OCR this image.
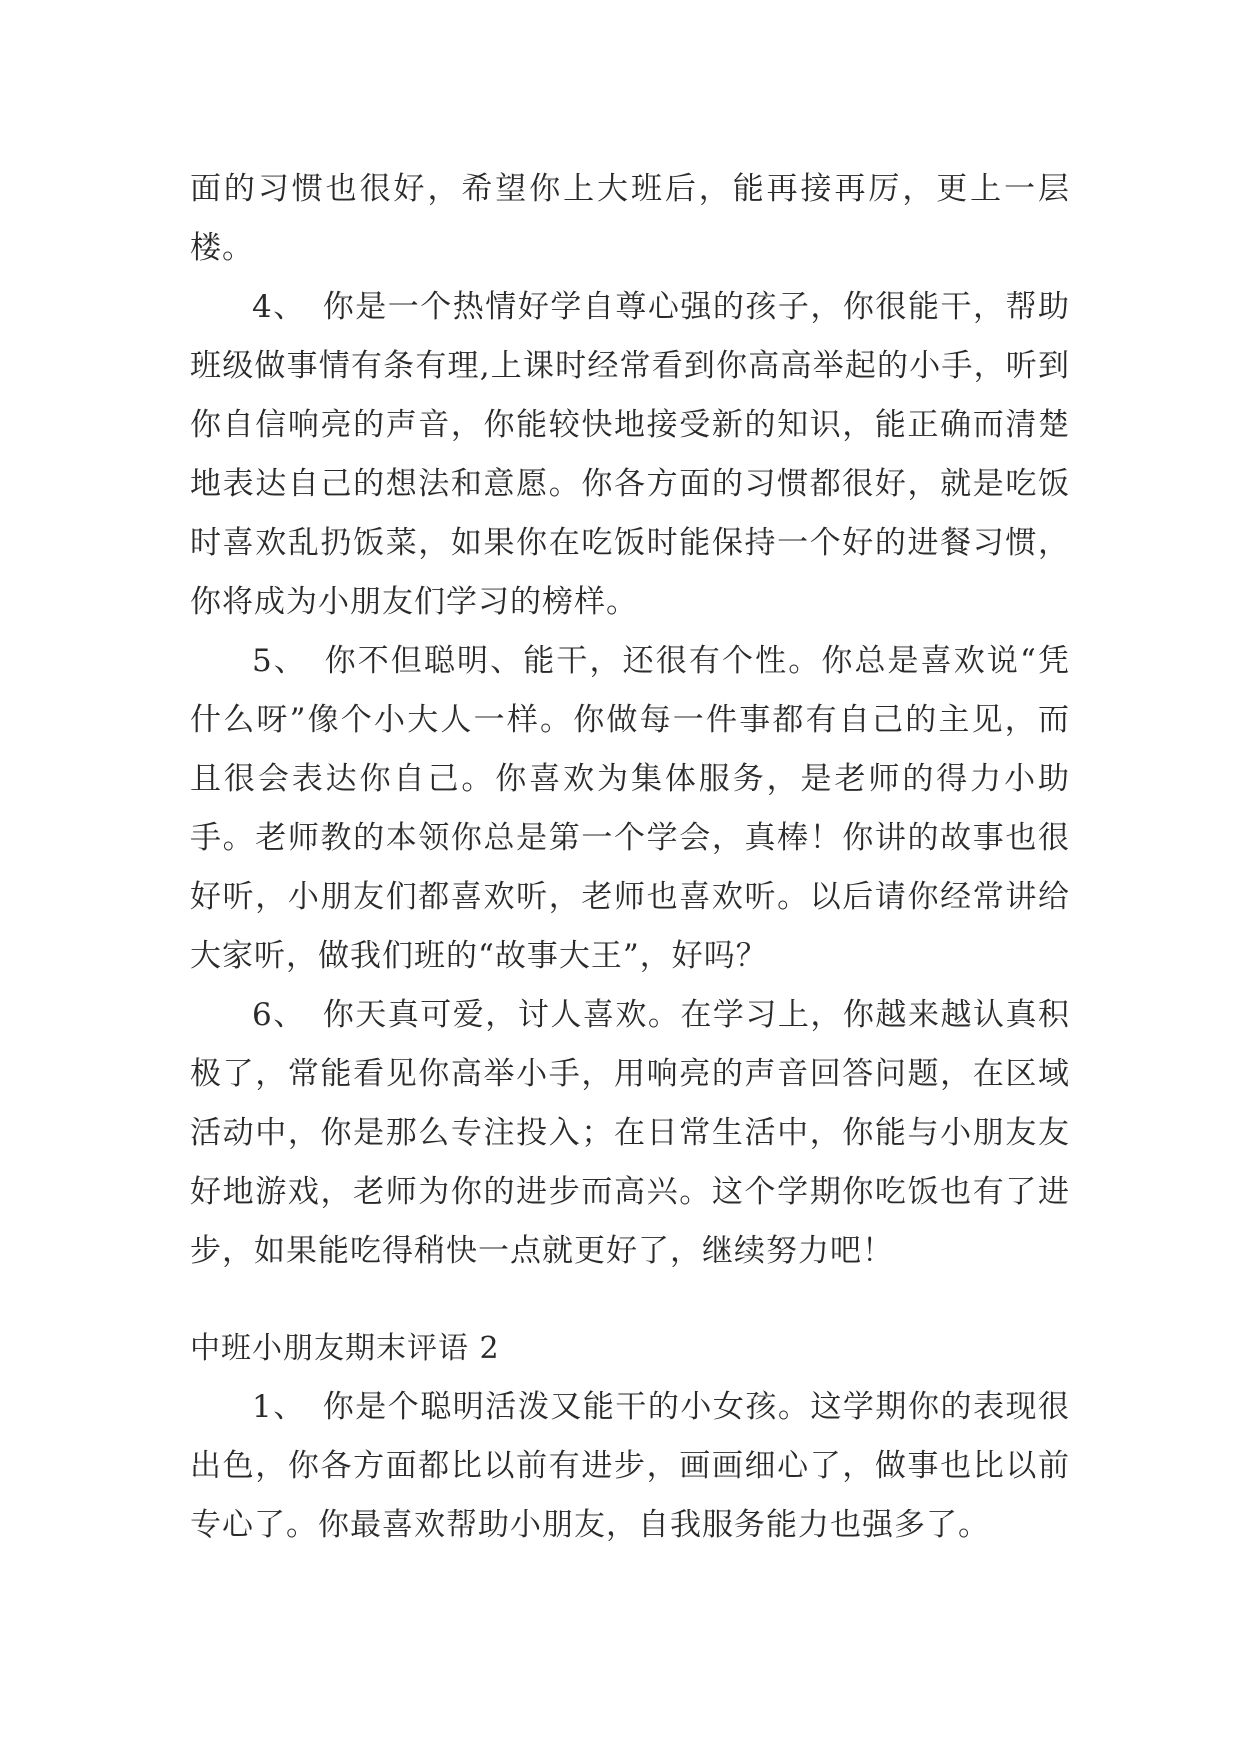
面的习惯也很好，希望你上大班后，能再接再厉，更上一层楼。

4、　你是一个热情好学自尊心强的孩子，你很能干，帮助班级做事情有条有理,上课时经常看到你高高举起的小手，听到你自信响亮的声音，你能较快地接受新的知识，能正确而清楚地表达自己的想法和意愿。你各方面的习惯都很好，就是吃饭时喜欢乱扔饭菜，如果你在吃饭时能保持一个好的进餐习惯，你将成为小朋友们学习的榜样。

5、　你不但聪明、能干，还很有个性。你总是喜欢说“凭什么呀”像个小大人一样。你做每一件事都有自己的主见，而且很会表达你自己。你喜欢为集体服务，是老师的得力小助手。老师教的本领你总是第一个学会，真棒！你讲的故事也很好听，小朋友们都喜欢听，老师也喜欢听。以后请你经常讲给大家听，做我们班的“故事大王”，好吗？

6、　你天真可爱，讨人喜欢。在学习上，你越来越认真积极了，常能看见你高举小手，用响亮的声音回答问题，在区域活动中，你是那么专注投入；在日常生活中，你能与小朋友友好地游戏，老师为你的进步而高兴。这个学期你吃饭也有了进步，如果能吃得稍快一点就更好了，继续努力吧！

中班小朋友期末评语 2

1、　你是个聪明活泼又能干的小女孩。这学期你的表现很出色，你各方面都比以前有进步，画画细心了，做事也比以前专心了。你最喜欢帮助小朋友，自我服务能力也强多了。
